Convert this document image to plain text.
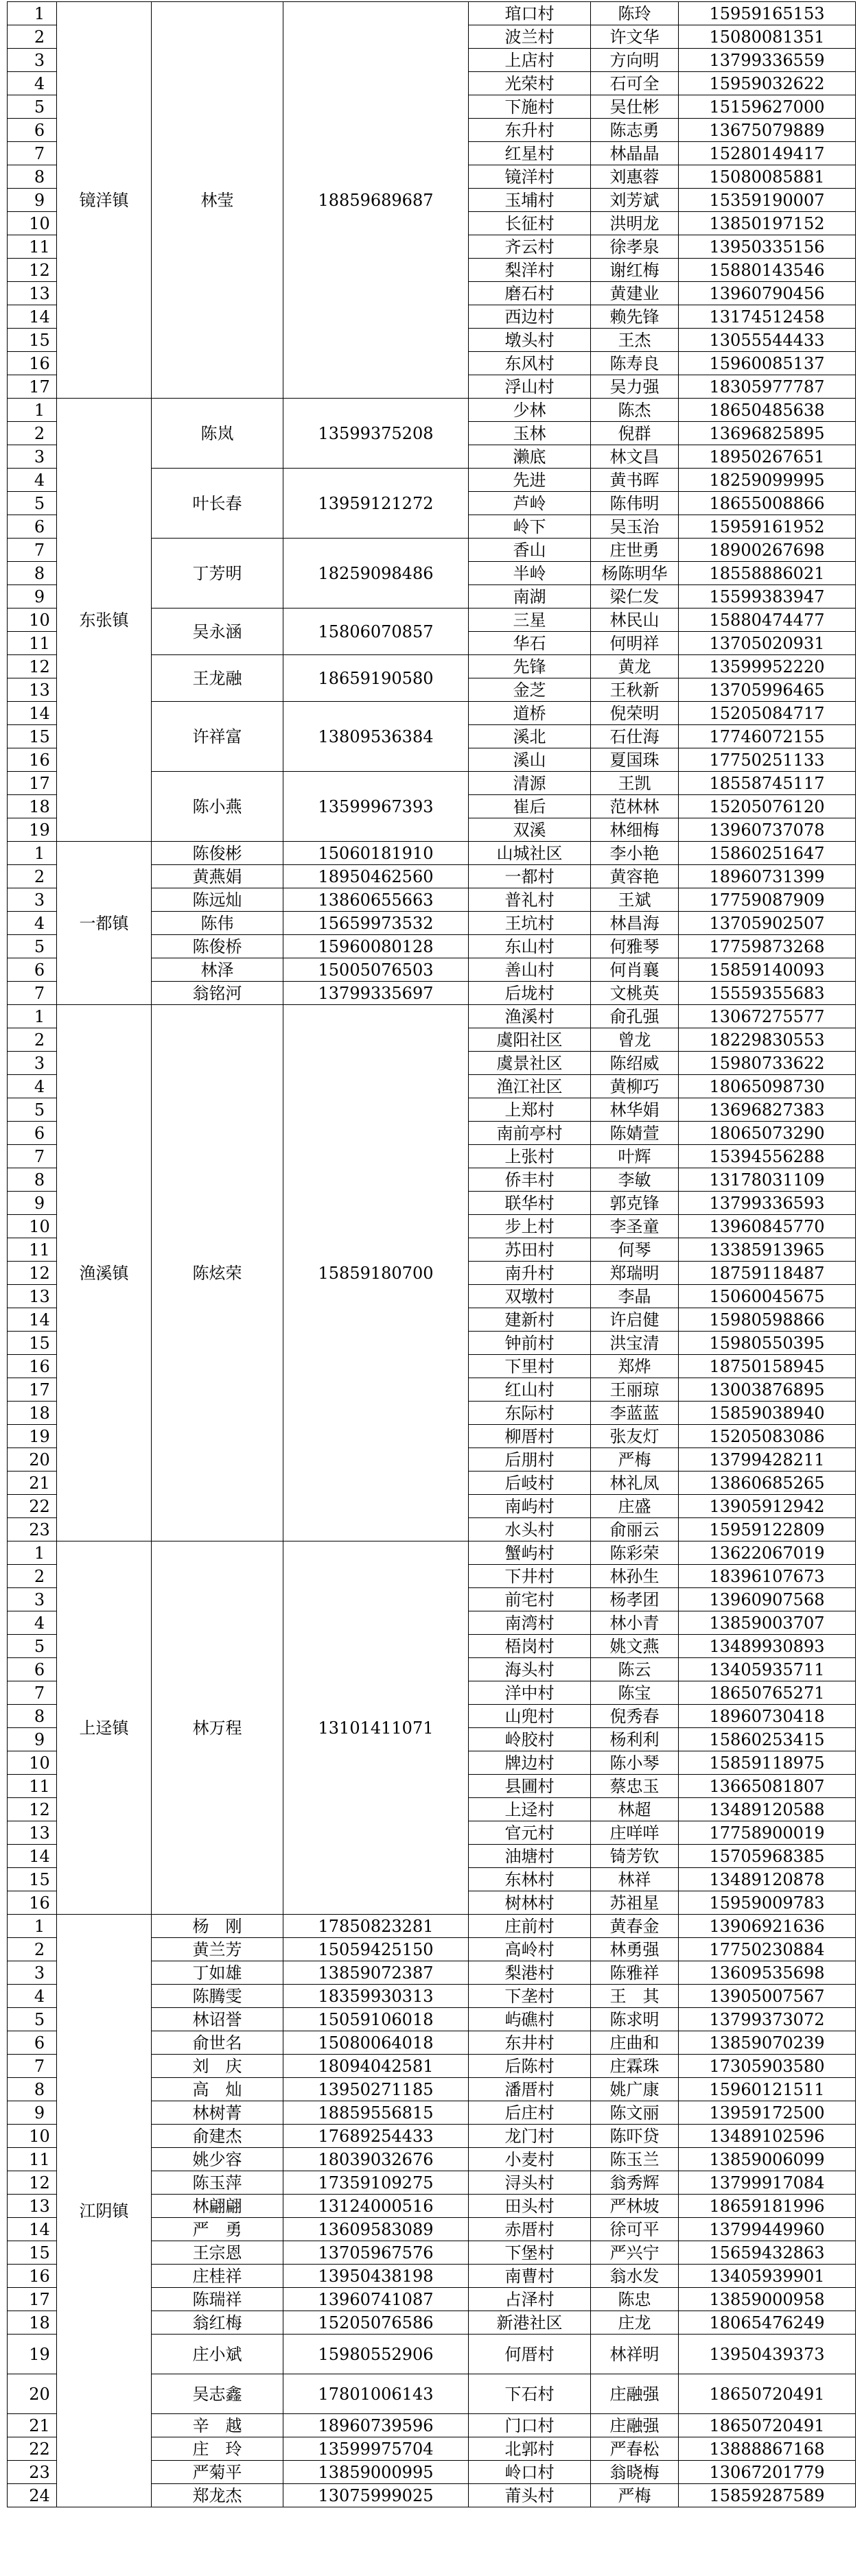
1	镜洋镇	林莹	18859689687	琯口村	陈玲	15959165153
2				波兰村	许文华	15080081351
3				上店村	方向明	13799336559
4				光荣村	石可全	15959032622
5				下施村	吴仕彬	15159627000
6				东升村	陈志勇	13675079889
7				红星村	林晶晶	15280149417
8				镜洋村	刘惠蓉	15080085881
9				玉埔村	刘芳斌	15359190007
10				长征村	洪明龙	13850197152
11				齐云村	徐孝泉	13950335156
12				梨洋村	谢红梅	15880143546
13				磨石村	黄建业	13960790456
14				西边村	赖先锋	13174512458
15				墩头村	王杰	13055544433
16				东风村	陈寿良	15960085137
17				浮山村	吴力强	18305977787
1	东张镇	陈岚	13599375208	少林	陈杰	18650485638
2				玉林	倪群	13696825895
3				濑底	林文昌	18950267651
4		叶长春	13959121272	先进	黄书晖	18259099995
5				芦岭	陈伟明	18655008866
6				岭下	吴玉治	15959161952
7		丁芳明	18259098486	香山	庄世勇	18900267698
8				半岭	杨陈明华	18558886021
9				南湖	梁仁发	15599383947
10		吴永涵	15806070857	三星	林民山	15880474477
11				华石	何明祥	13705020931
12		王龙融	18659190580	先锋	黄龙	13599952220
13				金芝	王秋新	13705996465
14		许祥富	13809536384	道桥	倪荣明	15205084717
15				溪北	石仕海	17746072155
16				溪山	夏国珠	17750251133
17		陈小燕	13599967393	清源	王凯	18558745117
18				崔后	范林林	15205076120
19				双溪	林细梅	13960737078
1	一都镇	陈俊彬	15060181910	山城社区	李小艳	15860251647
2		黄燕娟	18950462560	一都村	黄容艳	18960731399
3		陈远灿	13860655663	普礼村	王斌	17759087909
4		陈伟	15659973532	王坑村	林昌海	13705902507
5		陈俊桥	15960080128	东山村	何雅琴	17759873268
6		林泽	15005076503	善山村	何肖襄	15859140093
7		翁铭河	13799335697	后垅村	文桃英	15559355683
1	渔溪镇	陈炫荣	15859180700	渔溪村	俞孔强	13067275577
2				虞阳社区	曾龙	18229830553
3				虞景社区	陈绍威	15980733622
4				渔江社区	黄柳巧	18065098730
5				上郑村	林华娟	13696827383
6				南前亭村	陈婧萱	18065073290
7				上张村	叶辉	15394556288
8				侨丰村	李敏	13178031109
9				联华村	郭克锋	13799336593
10				步上村	李圣童	13960845770
11				苏田村	何琴	13385913965
12				南升村	郑瑞明	18759118487
13				双墩村	李晶	15060045675
14				建新村	许启健	15980598866
15				钟前村	洪宝清	15980550395
16				下里村	郑烨	18750158945
17				红山村	王丽琼	13003876895
18				东际村	李蓝蓝	15859038940
19				柳厝村	张友灯	15205083086
20				后朋村	严梅	13799428211
21				后岐村	林礼凤	13860685265
22				南屿村	庄盛	13905912942
23				水头村	俞丽云	15959122809
1	上迳镇	林万程	13101411071	蟹屿村	陈彩荣	13622067019
2				下井村	林孙生	18396107673
3				前宅村	杨孝团	13960907568
4				南湾村	林小青	13859003707
5				梧岗村	姚文燕	13489930893
6				海头村	陈云	13405935711
7				洋中村	陈宝	18650765271
8				山兜村	倪秀春	18960730418
9				岭胶村	杨利利	15860253415
10				牌边村	陈小琴	15859118975
11				县圃村	蔡忠玉	13665081807
12				上迳村	林超	13489120588
13				官元村	庄咩咩	17758900019
14				油塘村	锜芳钦	15705968385
15				东林村	林祥	13489120878
16				树林村	苏祖星	15959009783
1	江阴镇	杨　刚	17850823281	庄前村	黄春金	13906921636
2		黄兰芳	15059425150	高岭村	林勇强	17750230884
3		丁如雄	13859072387	梨港村	陈雅祥	13609535698
4		陈腾雯	18359930313	下垄村	王　其	13905007567
5		林诏誉	15059106018	屿礁村	陈求明	13799373072
6		俞世名	15080064018	东井村	庄曲和	13859070239
7		刘　庆	18094042581	后陈村	庄霖珠	17305903580
8		高　灿	13950271185	潘厝村	姚广康	15960121511
9		林树菁	18859556815	后庄村	陈文丽	13959172500
10		俞建杰	17689254433	龙门村	陈吓贷	13489102596
11		姚少容	18039032676	小麦村	陈玉兰	13859006099
12		陈玉萍	17359109275	浔头村	翁秀辉	13799917084
13		林翩翩	13124000516	田头村	严林坡	18659181996
14		严　勇	13609583089	赤厝村	徐可平	13799449960
15		王宗恩	13705967576	下堡村	严兴宁	15659432863
16		庄桂祥	13950438198	南曹村	翁水发	13405939901
17		陈瑞祥	13960741087	占泽村	陈忠	13859000958
18		翁红梅	15205076586	新港社区	庄龙	18065476249
19		庄小斌	15980552906	何厝村	林祥明	13950439373
20		吴志鑫	17801006143	下石村	庄融强	18650720491
21		辛　越	18960739596	门口村	庄融强	18650720491
22		庄　玲	13599975704	北郭村	严春松	13888867168
23		严菊平	13859000995	岭口村	翁晓梅	13067201779
24		郑龙杰	13075999025	莆头村	严梅	15859287589
